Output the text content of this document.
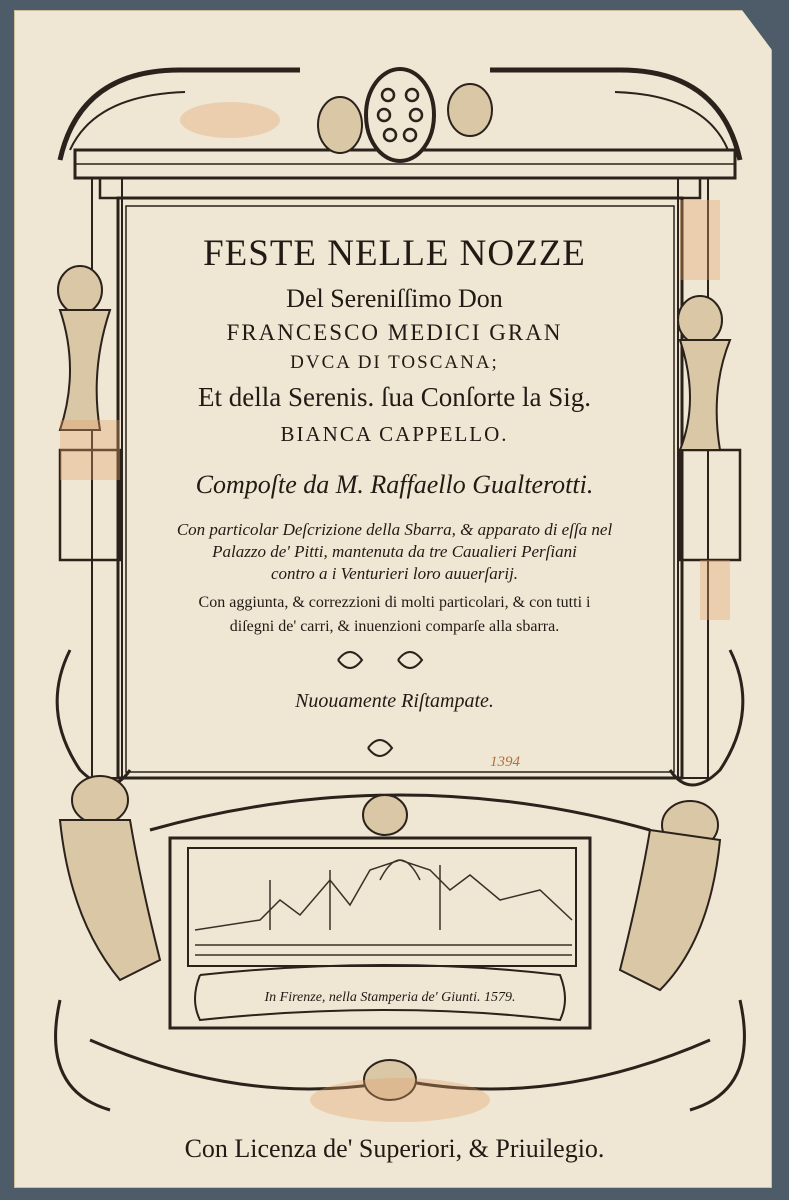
FESTE NELLE NOZZE
Del Sereniſſimo Don
FRANCESCO MEDICI GRAN
DVCA DI TOSCANA;
Et della Serenis. ſua Conſorte la Sig.
BIANCA CAPPELLO.
Compoſte da M. Raffaello Gualterotti.
Con particolar Deſcrizione della Sbarra, & apparato di eſſa nel
Palazzo de' Pitti, mantenuta da tre Caualieri Perſiani
contro a i Venturieri loro auuerſarij.
Con aggiunta, & correzzioni di molti particolari, & con tutti i
diſegni de' carri, & inuenzioni comparſe alla sbarra.
Nuouamente Riſtampate.
1394
In Firenze, nella Stamperia de' Giunti. 1579.
Con Licenza de' Superiori, & Priuilegio.
